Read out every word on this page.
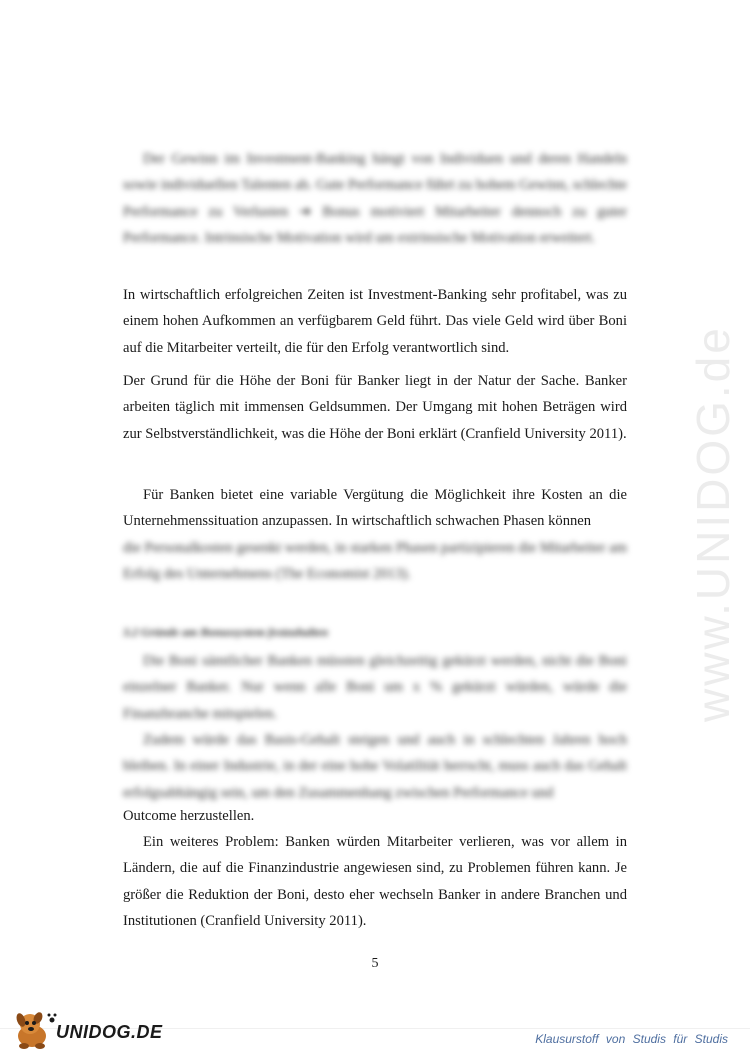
www.UNIDOG.de

Der Gewinn im Investment-Banking hängt von Individuen und deren Handeln sowie individuellen Talenten ab. Gute Performance führt zu hohem Gewinn, schlechte Performance zu Verlusten ➔ Bonus motiviert Mitarbeiter dennoch zu guter Performance. Intrinsische Motivation wird um extrinsische Motivation erweitert.

In wirtschaftlich erfolgreichen Zeiten ist Investment-Banking sehr profitabel, was zu einem hohen Aufkommen an verfügbarem Geld führt. Das viele Geld wird über Boni auf die Mitarbeiter verteilt, die für den Erfolg verantwortlich sind.

Der Grund für die Höhe der Boni für Banker liegt in der Natur der Sache. Banker arbeiten täglich mit immensen Geldsummen. Der Umgang mit hohen Beträgen wird zur Selbstverständlichkeit, was die Höhe der Boni erklärt (Cranfield University 2011).

Für Banken bietet eine variable Vergütung die Möglichkeit ihre Kosten an die Unternehmenssituation anzupassen. In wirtschaftlich schwachen Phasen können

die Personalkosten gesenkt werden, in starken Phasen partizipieren die Mitarbeiter am Erfolg des Unternehmens (The Economist 2013).

3.2 Gründe am Bonussystem festzuhalten

Die Boni sämtlicher Banken müssten gleichzeitig gekürzt werden, nicht die Boni einzelner Banker. Nur wenn alle Boni um x % gekürzt würden, würde die Finanzbranche mitspielen.

Zudem würde das Basis-Gehalt steigen und auch in schlechten Jahren hoch bleiben. In einer Industrie, in der eine hohe Volatilität herrscht, muss auch das Gehalt erfolgsabhängig sein, um den Zusammenhang zwischen Performance und

Outcome herzustellen.

Ein weiteres Problem: Banken würden Mitarbeiter verlieren, was vor allem in Ländern, die auf die Finanzindustrie angewiesen sind, zu Problemen führen kann. Je größer die Reduktion der Boni, desto eher wechseln Banker in andere Branchen und Institutionen (Cranfield University 2011).

5
UNIDOG.DE	Klausurstoff von Studis für Studis
